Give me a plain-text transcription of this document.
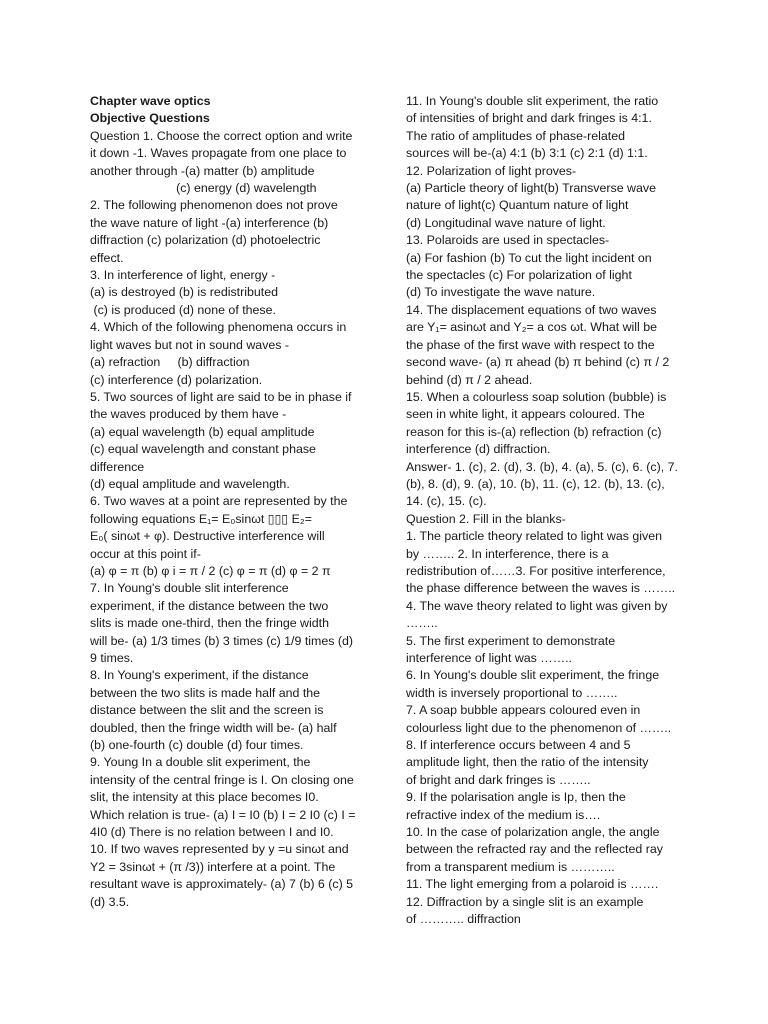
Chapter wave optics
Objective Questions
Question 1. Choose the correct option and write
it down -1. Waves propagate from one place to
another through -(a) matter (b) amplitude
(c) energy (d) wavelength
2. The following phenomenon does not prove
the wave nature of light -(a) interference (b)
diffraction (c) polarization (d) photoelectric
effect.
3. In interference of light, energy -
(a) is destroyed (b) is redistributed
(c) is produced (d) none of these.
4. Which of the following phenomena occurs in
light waves but not in sound waves -
(a) refraction     (b) diffraction
(c) interference (d) polarization.
5. Two sources of light are said to be in phase if
the waves produced by them have -
(a) equal wavelength (b) equal amplitude
(c) equal wavelength and constant phase
difference
(d) equal amplitude and wavelength.
6. Two waves at a point are represented by the
following equations E₁= E₀sinωt ▯▯▯ E₂=
E₀( sinωt + φ). Destructive interference will
occur at this point if-
(a) φ = π (b) φ i = π / 2 (c) φ = π (d) φ = 2 π
7. In Young's double slit interference
experiment, if the distance between the two
slits is made one-third, then the fringe width
will be- (a) 1/3 times (b) 3 times (c) 1/9 times (d)
9 times.
8. In Young's experiment, if the distance
between the two slits is made half and the
distance between the slit and the screen is
doubled, then the fringe width will be- (a) half
(b) one-fourth (c) double (d) four times.
9. Young In a double slit experiment, the
intensity of the central fringe is I. On closing one
slit, the intensity at this place becomes I0.
Which relation is true- (a) I = I0 (b) I = 2 I0 (c) I =
4I0 (d) There is no relation between I and I0.
10. If two waves represented by y =u sinωt and
Y2 = 3sinωt + (π /3)) interfere at a point. The
resultant wave is approximately- (a) 7 (b) 6 (c) 5
(d) 3.5.
11. In Young's double slit experiment, the ratio
of intensities of bright and dark fringes is 4:1.
The ratio of amplitudes of phase-related
sources will be-(a) 4:1 (b) 3:1 (c) 2:1 (d) 1:1.
12. Polarization of light proves-
(a) Particle theory of light(b) Transverse wave
nature of light(c) Quantum nature of light
(d) Longitudinal wave nature of light.
13. Polaroids are used in spectacles-
(a) For fashion (b) To cut the light incident on
the spectacles (c) For polarization of light
(d) To investigate the wave nature.
14. The displacement equations of two waves
are Y₁= asinωt and Y₂= a cos ωt. What will be
the phase of the first wave with respect to the
second wave- (a) π ahead (b) π behind (c) π / 2
behind (d) π / 2 ahead.
15. When a colourless soap solution (bubble) is
seen in white light, it appears coloured. The
reason for this is-(a) reflection (b) refraction (c)
interference (d) diffraction.
Answer- 1. (c), 2. (d), 3. (b), 4. (a), 5. (c), 6. (c), 7.
(b), 8. (d), 9. (a), 10. (b), 11. (c), 12. (b), 13. (c),
14. (c), 15. (c).
Question 2. Fill in the blanks-
1. The particle theory related to light was given
by …….. 2. In interference, there is a
redistribution of……3. For positive interference,
the phase difference between the waves is ……..
4. The wave theory related to light was given by
……..
5. The first experiment to demonstrate
interference of light was ……..
6. In Young's double slit experiment, the fringe
width is inversely proportional to ……..
7. A soap bubble appears coloured even in
colourless light due to the phenomenon of ……..
8. If interference occurs between 4 and 5
amplitude light, then the ratio of the intensity
of bright and dark fringes is ……..
9. If the polarisation angle is Ip, then the
refractive index of the medium is….
10. In the case of polarization angle, the angle
between the refracted ray and the reflected ray
from a transparent medium is ………..
11. The light emerging from a polaroid is …….
12. Diffraction by a single slit is an example
of ……….. diffraction
